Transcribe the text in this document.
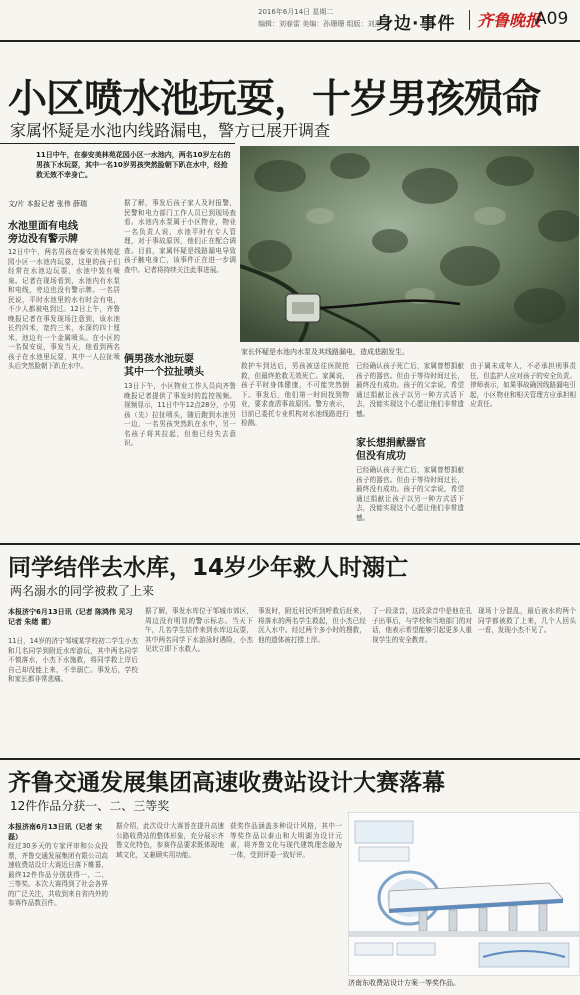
2016年6月14日 星期二
编辑：刘春雷 美编：孙珊珊 组版：刘燕
身边·事件 齐鲁晚报
A09
小区喷水池玩耍，十岁男孩殒命
家属怀疑是水池内线路漏电，警方已展开调查
11日中午，在泰安美林苑花园小区一水池内，两名10岁左右的男孩下水玩耍，其中一名10岁男孩突然脸朝下趴在水中，经抢救无效不幸身亡。
文/片 本报记者 张伟 薛瑞
水池里面有电线
旁边没有警示牌
12日中午，两名男孩在泰安美林苑花园小区一水池内玩耍，这里的孩子们经常在水池边玩耍，水池中装有喷泉。记者在现场看到，水池内有水泵和电线，旁边也没有警示牌。一名居民说，平时水池里的水有时会有电，不少人都被电到过。12日上午，齐鲁晚报记者在事发现场注意到，该水池长约四米，宽约三米，水深约四十厘米，池边有一个金属喷头。在小区的一名保安说，事发当天，他看到两名孩子在水池里玩耍，其中一人拉扯喷头后突然脸朝下趴在水中。
据了解，事发后孩子家人及时报警，民警和电力部门工作人员已到现场查看。水池内水泵属于小区物业，物业一名负责人说，水池平时有专人管理，对于事故原因，他们正在配合调查。目前，家属怀疑是线路漏电导致孩子触电身亡，该事件正在进一步调查中。记者将持续关注此事进展。
俩男孩水池玩耍
其中一个拉扯喷头
13日下午，小区物业工作人员向齐鲁晚报记者提供了事发时的监控视频。视频显示，11日中午12点28分，小男孩（先）拉扯喷头，随后跑到水池另一边，一名男孩突然趴在水中，另一名孩子将其拉起，但他已经失去意识。
家长怀疑是水池内水泵及其线路漏电，造成悲剧发生。
救护车到达后，男孩被送往医院抢救，但最终抢救无效死亡。家属说，孩子平时身体健康，不可能突然倒下。事发后，他们第一时间找到物业，要求查清事故原因。警方表示，目前已委托专业机构对水池线路进行检测。
已经确认孩子死亡后，家属曾想捐献孩子的器官。但由于等待时间过长，最终没有成功。孩子的父亲说，希望通过捐献让孩子以另一种方式活下去，没能实现这个心愿让他们非常遗憾。
家长想捐献器官
但没有成功
已经确认孩子死亡后，家属曾想捐献孩子的器官。但由于等待时间过长，最终没有成功。孩子的父亲说，希望通过捐献让孩子以另一种方式活下去，没能实现这个心愿让他们非常遗憾。
由于属未成年人，不必承担刑事责任，但监护人应对孩子的安全负责。律师表示，如果事故确因线路漏电引起，小区物业和相关管理方应承担相应责任。
同学结伴去水库，14岁少年救人时溺亡
两名溺水的同学被救了上来
本报济宁6月13日讯（记者 陈鸿伟 见习记者 朱绪 霍）
11日，14岁的济宁邹城某学校初二学生小杰和几名同学到附近水库游玩，其中两名同学不慎落水，小杰下水施救，将同学救上岸后自己却没能上来，不幸溺亡。事发后，学校和家长都非常悲痛。
据了解，事发水库位于邹城市郊区，周边没有明显的警示标志。当天下午，几名学生结伴来到水库边玩耍，其中两名同学下水游泳时遇险，小杰见状立即下水救人。
事发时，附近村民听到呼救后赶来，将落水的两名学生救起，但小杰已经沉入水中。经过两个多小时的搜救，他的遗体被打捞上岸。
了一段录音，这段录音中是他在孔子出事后，与学校和当地部门的对话，他表示希望能够引起更多人重视学生的安全教育。
现场十分混乱，最后被水的两个同学都被救了上来，几个人回头一看，发现小杰不见了。
齐鲁交通发展集团高速收费站设计大赛落幕
12件作品分获一、二、三等奖
本报济南6月13日讯（记者 宋磊）
经过30多天的专家评审和公众投票，齐鲁交通发展集团有限公司高速收费站设计大赛近日落下帷幕，最终12件作品分别获得一、二、三等奖。本次大赛得到了社会各界的广泛关注，共收到来自省内外的参赛作品数百件。
据介绍，此次设计大赛旨在提升高速公路收费站的整体形象，充分展示齐鲁文化特色，参赛作品要求既体现地域文化，又兼顾实用功能。
获奖作品涵盖多种设计风格，其中一等奖作品以泰山和大明湖为设计元素，将齐鲁文化与现代建筑理念融为一体，受到评委一致好评。
济南东收费站设计方案一等奖作品。
